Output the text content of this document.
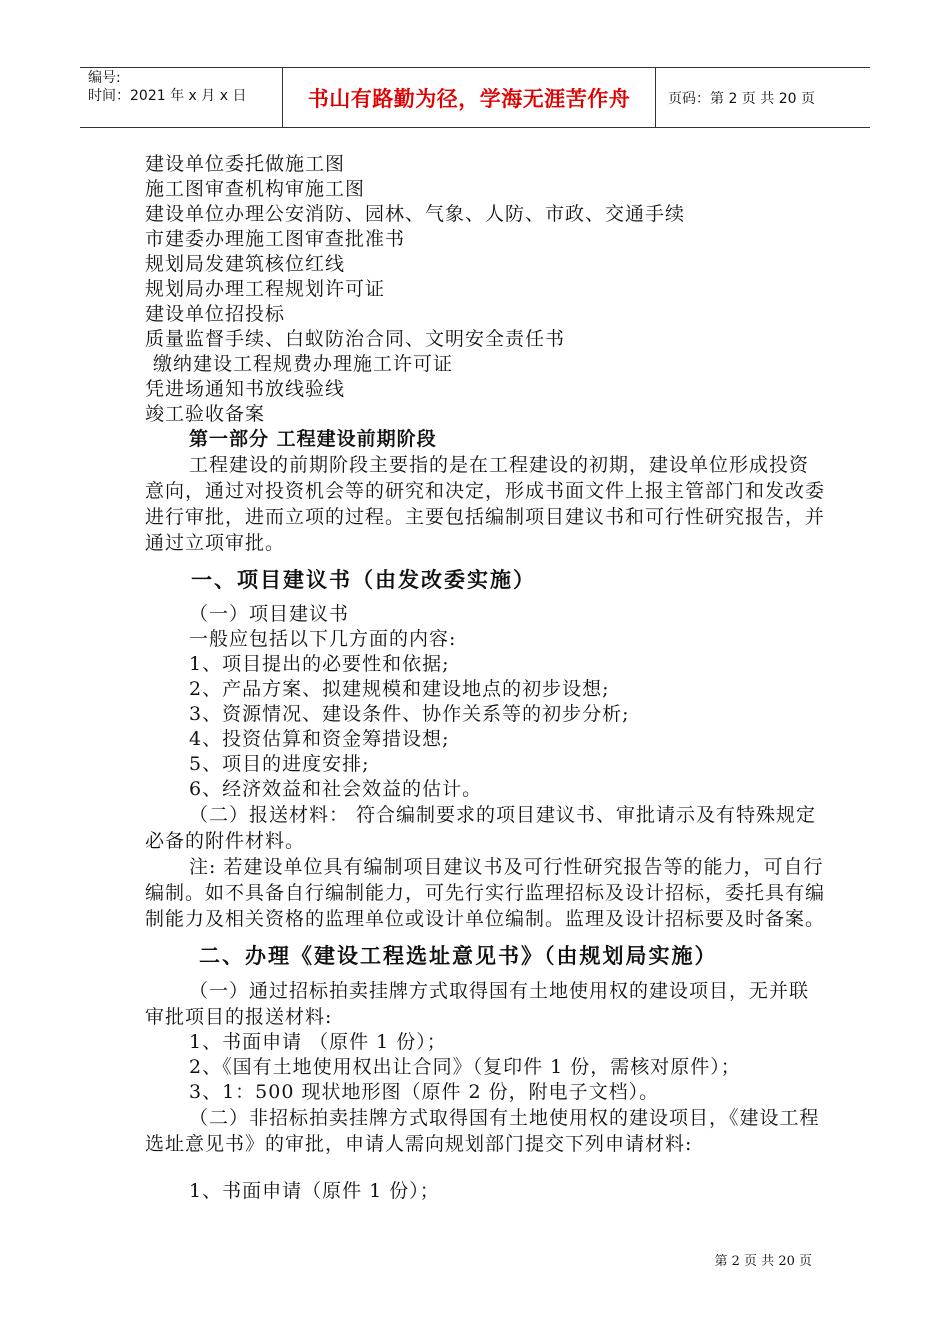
编号:
时间：2021 年 x 月 x 日	书山有路勤为径，学海无涯苦作舟	页码：第 2 页 共 20 页
建设单位委托做施工图
施工图审查机构审施工图
建设单位办理公安消防、园林、气象、人防、市政、交通手续
市建委办理施工图审查批准书
规划局发建筑核位红线
规划局办理工程规划许可证
建设单位招投标
质量监督手续、白蚁防治合同、文明安全责任书
缴纳建设工程规费办理施工许可证
凭进场通知书放线验线
竣工验收备案
第一部分 工程建设前期阶段
工程建设的前期阶段主要指的是在工程建设的初期，建设单位形成投资意向，通过对投资机会等的研究和决定，形成书面文件上报主管部门和发改委进行审批，进而立项的过程。主要包括编制项目建议书和可行性研究报告，并通过立项审批。
一、项目建议书（由发改委实施）
（一）项目建议书
一般应包括以下几方面的内容:
1、项目提出的必要性和依据;
2、产品方案、拟建规模和建设地点的初步设想;
3、资源情况、建设条件、协作关系等的初步分析;
4、投资估算和资金筹措设想;
5、项目的进度安排;
6、经济效益和社会效益的估计。
（二）报送材料： 符合编制要求的项目建议书、审批请示及有特殊规定必备的附件材料。
注: 若建设单位具有编制项目建议书及可行性研究报告等的能力，可自行编制。如不具备自行编制能力，可先行实行监理招标及设计招标，委托具有编制能力及相关资格的监理单位或设计单位编制。监理及设计招标要及时备案。
二、办理《建设工程选址意见书》（由规划局实施）
（一）通过招标拍卖挂牌方式取得国有土地使用权的建设项目，无并联审批项目的报送材料:
1、书面申请 （原件 1 份）；
2、《国有土地使用权出让合同》（复印件 1 份，需核对原件）；
3、1：500 现状地形图（原件 2 份，附电子文档）。
（二）非招标拍卖挂牌方式取得国有土地使用权的建设项目，《建设工程选址意见书》的审批，申请人需向规划部门提交下列申请材料:
1、书面申请（原件 1 份）；
第 2 页 共 20 页
